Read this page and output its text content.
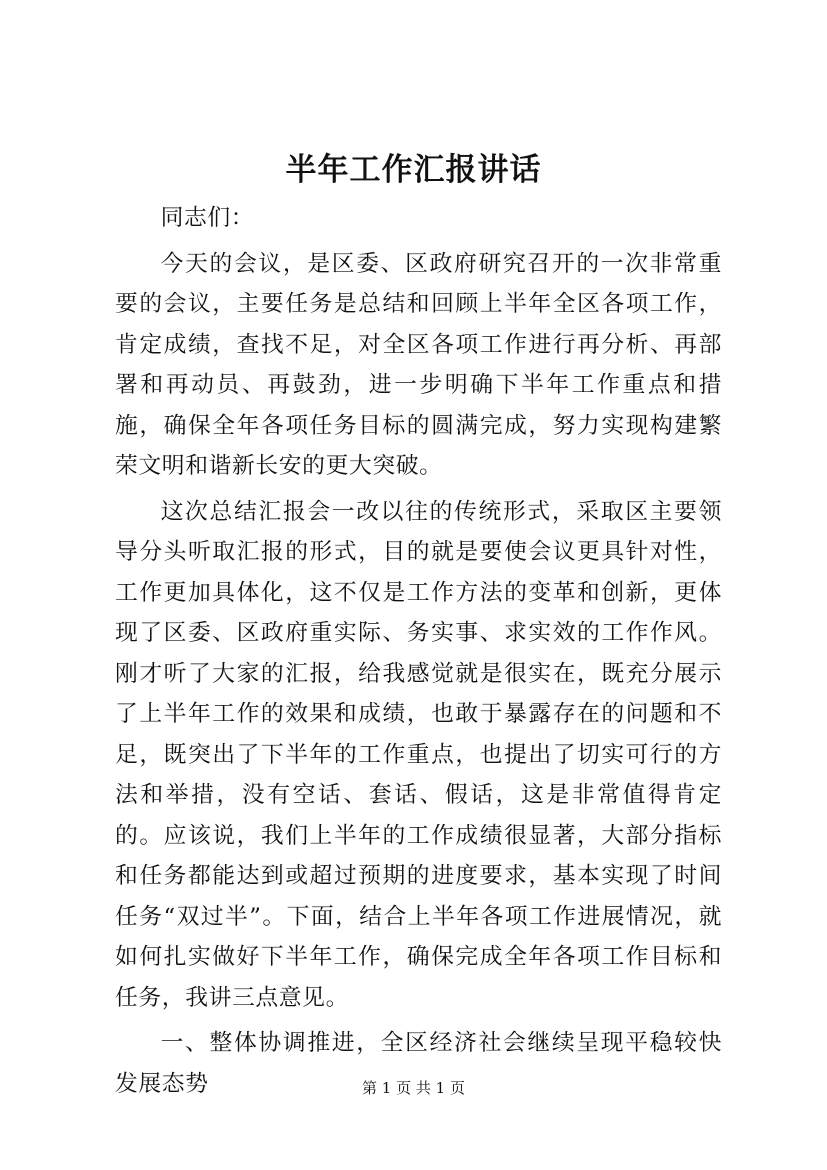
半年工作汇报讲话

同志们：

今天的会议，是区委、区政府研究召开的一次非常重要的会议，主要任务是总结和回顾上半年全区各项工作，肯定成绩，查找不足，对全区各项工作进行再分析、再部署和再动员、再鼓劲，进一步明确下半年工作重点和措施，确保全年各项任务目标的圆满完成，努力实现构建繁荣文明和谐新长安的更大突破。

这次总结汇报会一改以往的传统形式，采取区主要领导分头听取汇报的形式，目的就是要使会议更具针对性，工作更加具体化，这不仅是工作方法的变革和创新，更体现了区委、区政府重实际、务实事、求实效的工作作风。刚才听了大家的汇报，给我感觉就是很实在，既充分展示了上半年工作的效果和成绩，也敢于暴露存在的问题和不足，既突出了下半年的工作重点，也提出了切实可行的方法和举措，没有空话、套话、假话，这是非常值得肯定的。应该说，我们上半年的工作成绩很显著，大部分指标和任务都能达到或超过预期的进度要求，基本实现了时间任务“双过半”。下面，结合上半年各项工作进展情况，就如何扎实做好下半年工作，确保完成全年各项工作目标和任务，我讲三点意见。

一、整体协调推进，全区经济社会继续呈现平稳较快发展态势	第 1 页 共 1 页
